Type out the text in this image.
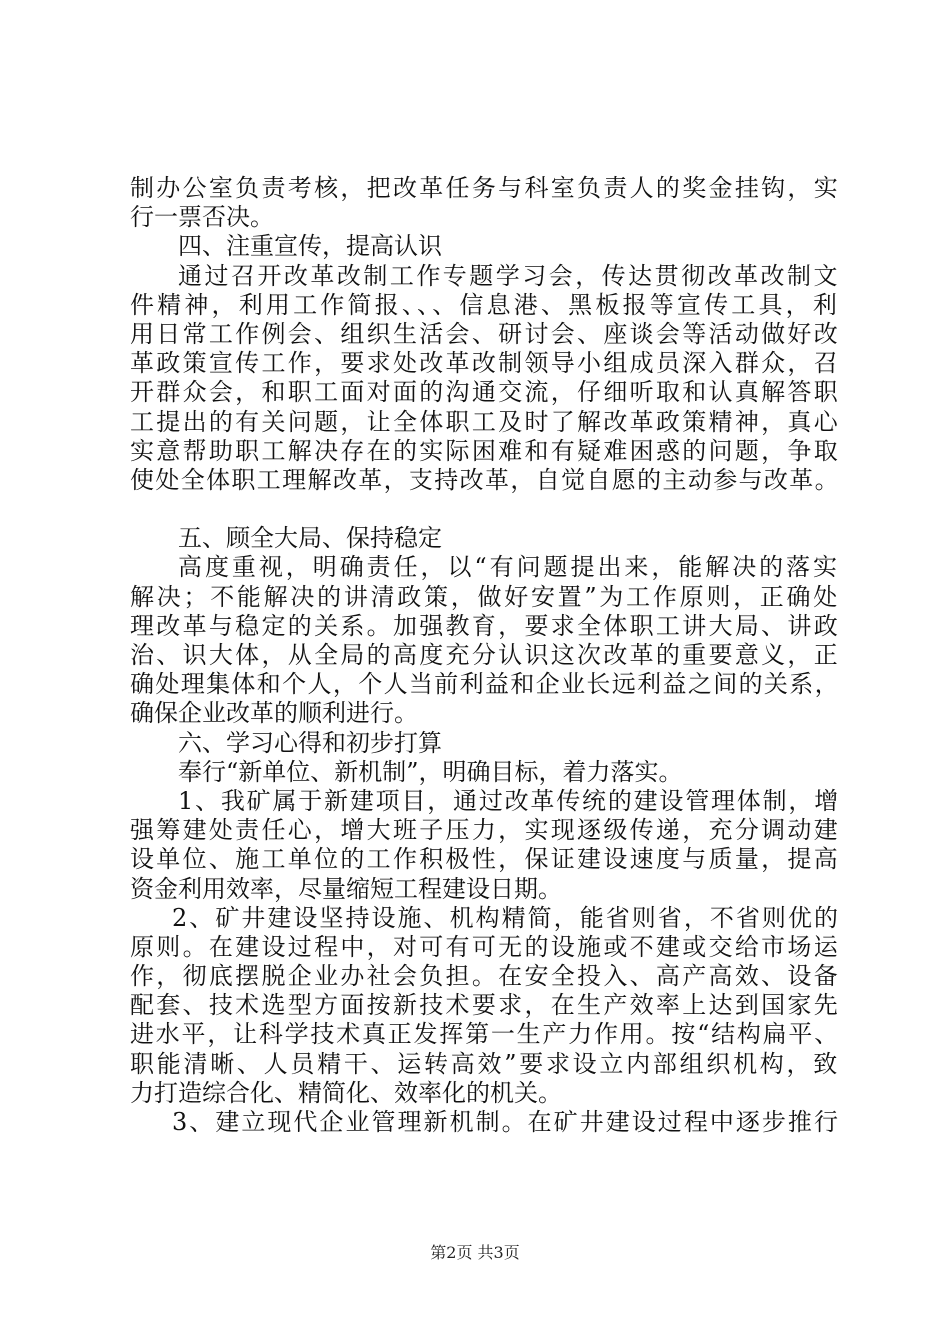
制办公室负责考核，把改革任务与科室负责人的奖金挂钩，实
行一票否决。
四、注重宣传，提高认识
通过召开改革改制工作专题学习会，传达贯彻改革改制文
件精神，利用工作简报、、、信息港、黑板报等宣传工具，利
用日常工作例会、组织生活会、研讨会、座谈会等活动做好改
革政策宣传工作，要求处改革改制领导小组成员深入群众，召
开群众会，和职工面对面的沟通交流，仔细听取和认真解答职
工提出的有关问题，让全体职工及时了解改革政策精神，真心
实意帮助职工解决存在的实际困难和有疑难困惑的问题，争取
使处全体职工理解改革，支持改革，自觉自愿的主动参与改革。
五、顾全大局、保持稳定
高度重视，明确责任，以“有问题提出来，能解决的落实
解决；不能解决的讲清政策，做好安置”为工作原则，正确处
理改革与稳定的关系。加强教育，要求全体职工讲大局、讲政
治、识大体，从全局的高度充分认识这次改革的重要意义，正
确处理集体和个人，个人当前利益和企业长远利益之间的关系，
确保企业改革的顺利进行。
六、学习心得和初步打算
奉行“新单位、新机制”，明确目标，着力落实。
1、我矿属于新建项目，通过改革传统的建设管理体制，增
强筹建处责任心，增大班子压力，实现逐级传递，充分调动建
设单位、施工单位的工作积极性，保证建设速度与质量，提高
资金利用效率，尽量缩短工程建设日期。
2、矿井建设坚持设施、机构精简，能省则省，不省则优的
原则。在建设过程中，对可有可无的设施或不建或交给市场运
作，彻底摆脱企业办社会负担。在安全投入、高产高效、设备
配套、技术选型方面按新技术要求，在生产效率上达到国家先
进水平，让科学技术真正发挥第一生产力作用。按“结构扁平、
职能清晰、人员精干、运转高效”要求设立内部组织机构，致
力打造综合化、精简化、效率化的机关。
3、建立现代企业管理新机制。在矿井建设过程中逐步推行
第2页 共3页
